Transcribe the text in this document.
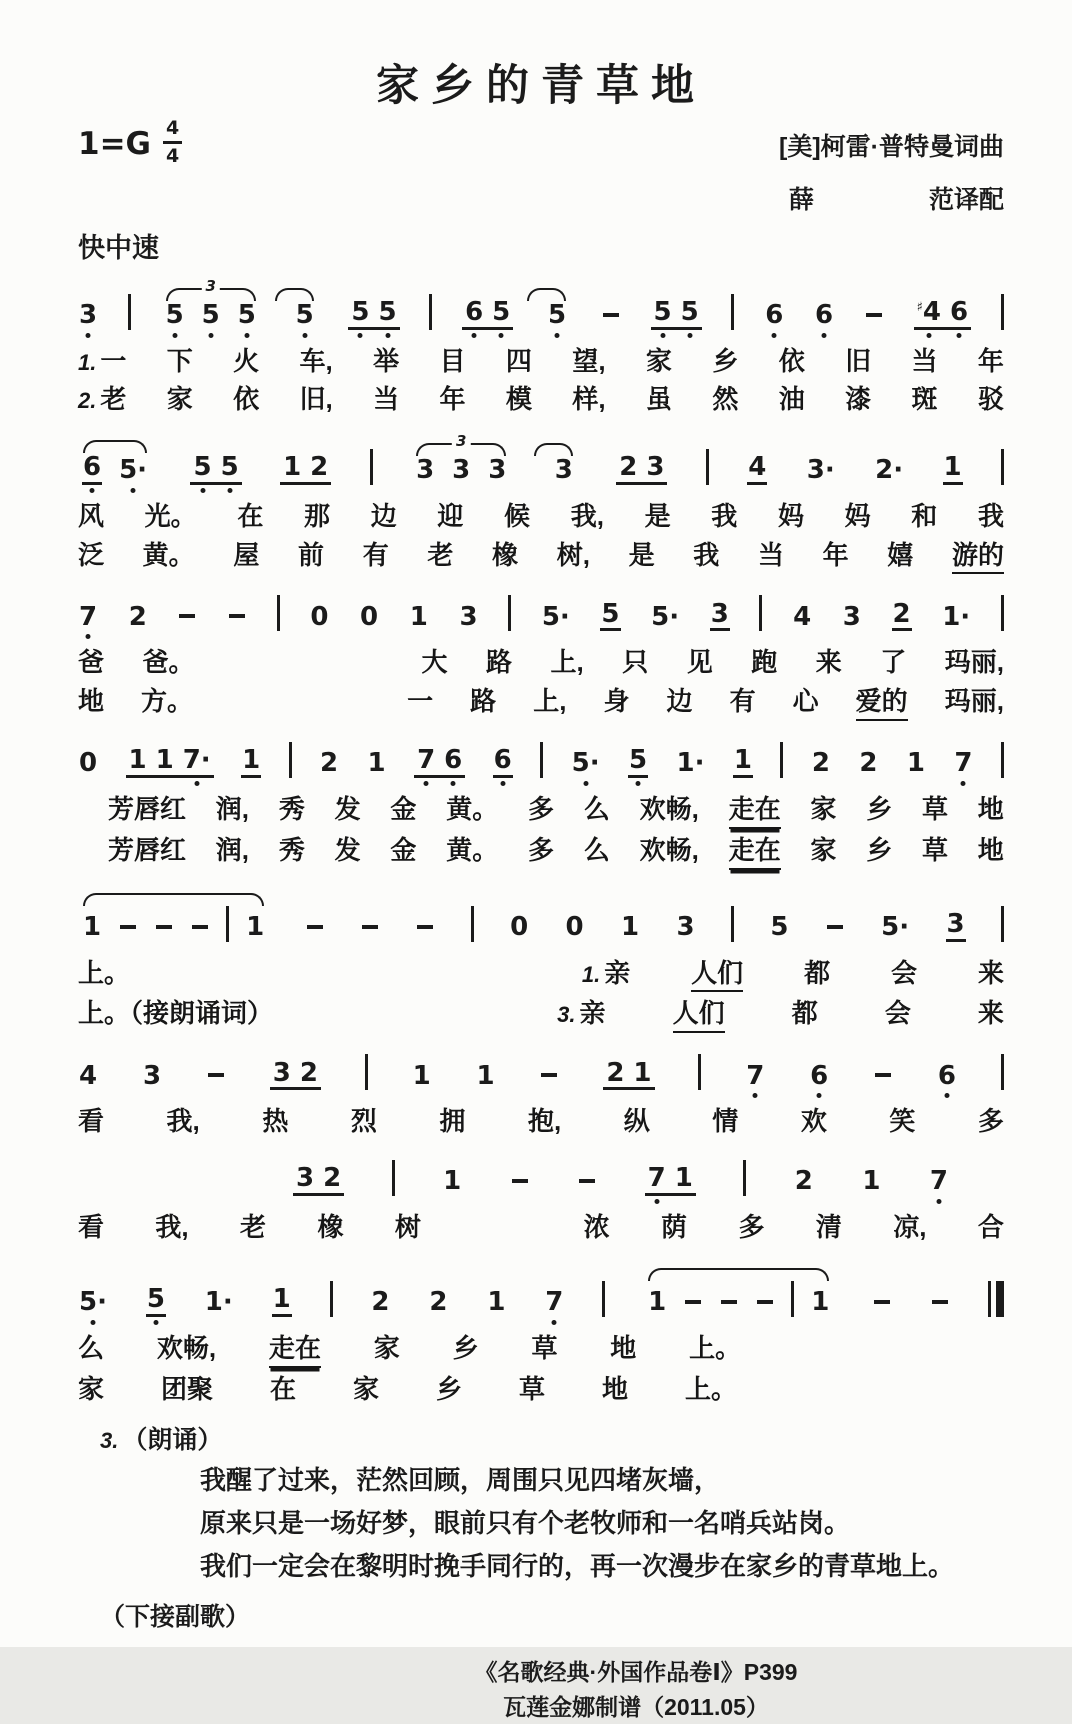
家乡的青草地
$1=G \frac{4}{4}$	[美]柯雷·普特曼词曲
薛	范译配
快中速
3
3
5 5 5 5 5 5	6 5 5	5 5	6 6	♯4 6
1. 一 下 火 车, 举 目 四 望, 家 乡 依 旧 当 年
2. 老 家 依 旧, 当 年 模 样, 虽 然 油 漆 斑 驳
6 5· 5 5 1 2
3
3 3 3 3 2 3	4 3· 2· 1
风 光。 在 那 边 迎 候 我, 是 我 妈 妈 和 我
泛 黄。 屋 前 有 老 橡 树, 是 我 当 年 嬉 游的
7 2	0 0 1 3 5· 5 5· 3 4 3 2 1·
爸 爸。	大 路 上, 只 见 跑 来 了 玛丽,
地 方。	一 路 上, 身 边 有 心 爱的 玛丽,
0 1 1 7· 1 2 1 7 6 6 5· 5 1· 1 2 2 1 7
芳唇红 润, 秀 发 金 黄。 多 么 欢畅, 走在 家 乡 草 地
芳唇红 润, 秀 发 金 黄。 多 么 欢畅, 走在 家 乡 草 地
1	1	0 0 1 3	5	5· 3
上。	1. 亲 人们 都 会 来
上。（接朗诵词）	3. 亲	人们	都	会	来
4 3	3 2	1 1	2 1	7 6	6
看 我, 热 烈 拥 抱, 纵 情 欢 笑 多
3 2	1	7 1	2 1 7
看 我, 老 橡 树	浓 荫 多 清 凉, 合
5· 5 1· 1	2 2 1 7	1	1
么 欢畅, 走在 家 乡 草 地 上。
家 团聚 在 家 乡 草 地 上。
3. （朗诵）

我醒了过来，茫然回顾，周围只见四堵灰墙，

原来只是一场好梦，眼前只有个老牧师和一名哨兵站岗。

我们一定会在黎明时挽手同行的，再一次漫步在家乡的青草地上。

（下接副歌）
《名歌经典·外国作品卷Ⅰ》P399
瓦莲金娜制谱（2011.05）
